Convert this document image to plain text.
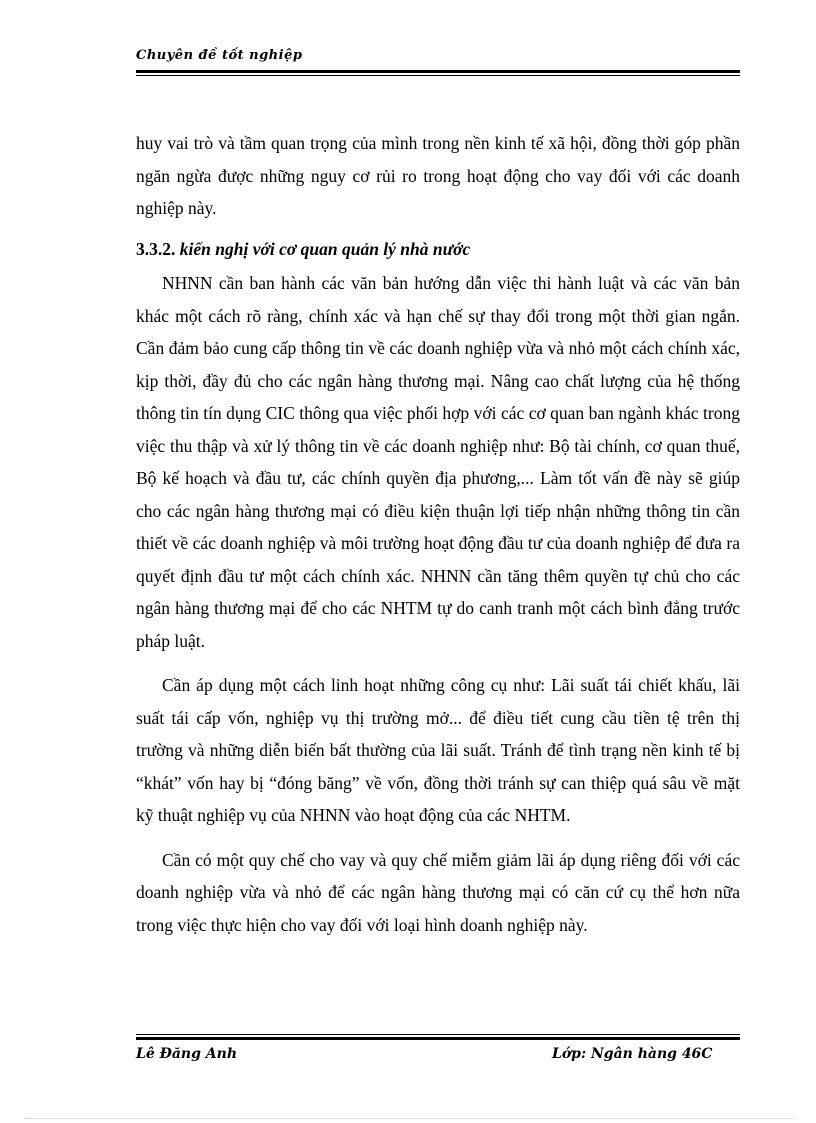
Chuyên đề tốt nghiệp

huy vai trò và tầm quan trọng của mình trong nền kinh tế xã hội, đồng thời góp phần ngăn ngừa được những nguy cơ rủi ro trong hoạt động cho vay đối với các doanh nghiệp này.

3.3.2. kiến nghị với cơ quan quản lý nhà nước

NHNN cần ban hành các văn bản hướng dẫn việc thi hành luật và các văn bản khác một cách rõ ràng, chính xác và hạn chế sự thay đổi trong một thời gian ngắn. Cần đảm bảo cung cấp thông tin về các doanh nghiệp vừa và nhỏ một cách chính xác, kịp thời, đầy đủ cho các ngân hàng thương mại. Nâng cao chất lượng của hệ thống thông tin tín dụng CIC thông qua việc phối hợp với các cơ quan ban ngành khác trong việc thu thập và xử lý thông tin về các doanh nghiệp như: Bộ tài chính, cơ quan thuế, Bộ kế hoạch và đầu tư, các chính quyền địa phương,... Làm tốt vấn đề này sẽ giúp cho các ngân hàng thương mại có điều kiện thuận lợi tiếp nhận những thông tin cần thiết về các doanh nghiệp và môi trường hoạt động đầu tư của doanh nghiệp để đưa ra quyết định đầu tư một cách chính xác. NHNN cần tăng thêm quyền tự chủ cho các ngân hàng thương mại để cho các NHTM tự do canh tranh một cách bình đẳng trước pháp luật.

Cần áp dụng một cách linh hoạt những công cụ như: Lãi suất tái chiết khấu, lãi suất tái cấp vốn, nghiệp vụ thị trường mở... để điều tiết cung cầu tiền tệ trên thị trường và những diễn biến bất thường của lãi suất. Tránh để tình trạng nền kinh tế bị “khát” vốn hay bị “đóng băng” về vốn, đồng thời tránh sự can thiệp quá sâu về mặt kỹ thuật nghiệp vụ của NHNN vào hoạt động của các NHTM.

Cần có một quy chế cho vay và quy chế miễm giảm lãi áp dụng riêng đối với các doanh nghiệp vừa và nhỏ để các ngân hàng thương mại có căn cứ cụ thể hơn nữa trong việc thực hiện cho vay đối với loại hình doanh nghiệp này.

Lê Đăng Anh	Lớp: Ngân hàng 46C
